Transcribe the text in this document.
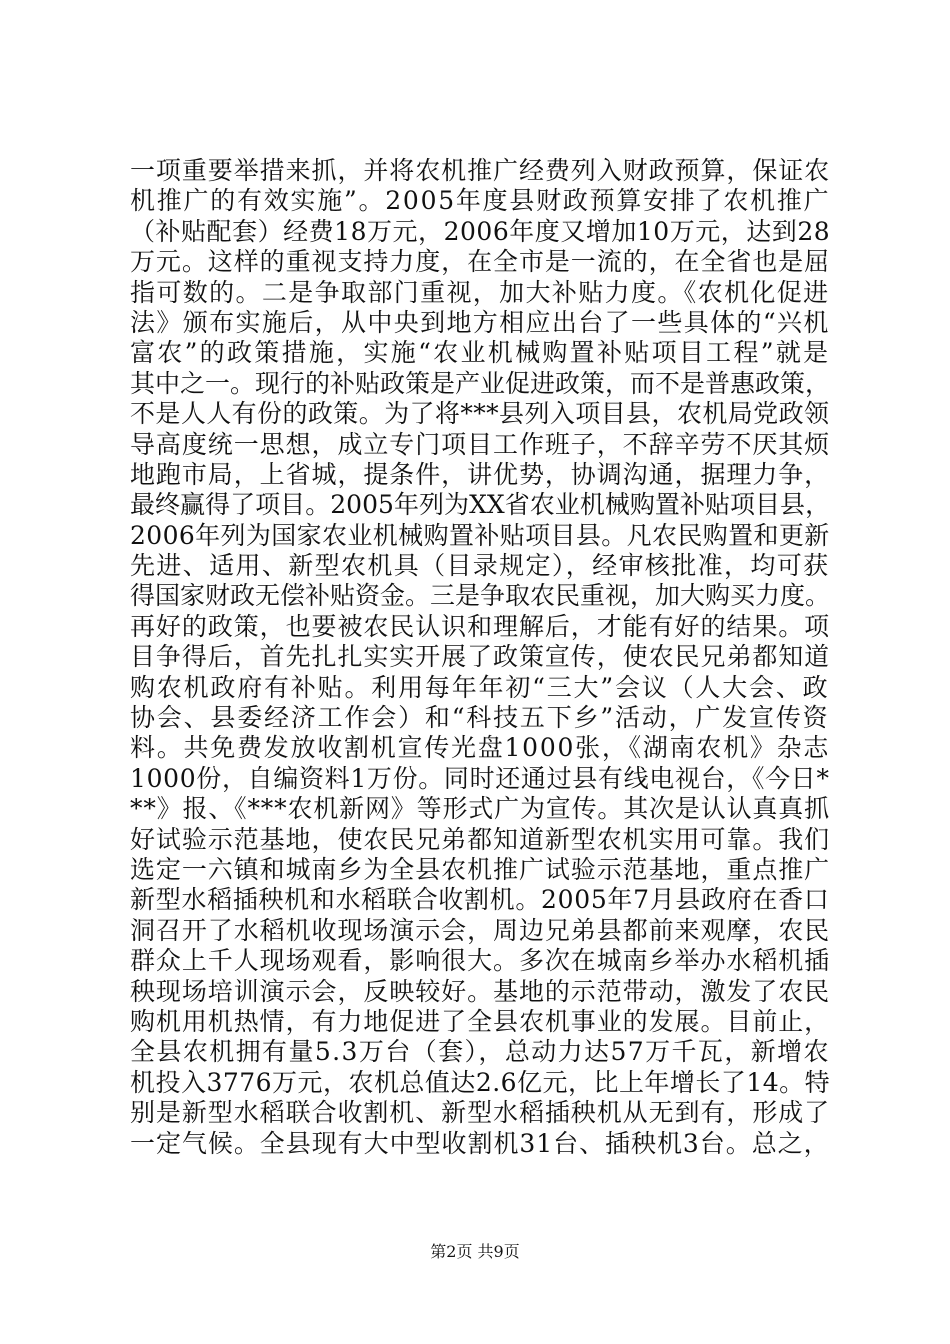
一项重要举措来抓，并将农机推广经费列入财政预算，保证农
机推广的有效实施”。2005年度县财政预算安排了农机推广
（补贴配套）经费18万元，2006年度又增加10万元，达到28
万元。这样的重视支持力度，在全市是一流的，在全省也是屈
指可数的。二是争取部门重视，加大补贴力度。《农机化促进
法》颁布实施后，从中央到地方相应出台了一些具体的“兴机
富农”的政策措施，实施“农业机械购置补贴项目工程”就是
其中之一。现行的补贴政策是产业促进政策，而不是普惠政策，
不是人人有份的政策。为了将***县列入项目县，农机局党政领
导高度统一思想，成立专门项目工作班子，不辞辛劳不厌其烦
地跑市局，上省城，提条件，讲优势，协调沟通，据理力争，
最终赢得了项目。2005年列为XX省农业机械购置补贴项目县，
2006年列为国家农业机械购置补贴项目县。凡农民购置和更新
先进、适用、新型农机具（目录规定），经审核批准，均可获
得国家财政无偿补贴资金。三是争取农民重视，加大购买力度。
再好的政策，也要被农民认识和理解后，才能有好的结果。项
目争得后，首先扎扎实实开展了政策宣传，使农民兄弟都知道
购农机政府有补贴。利用每年年初“三大”会议（人大会、政
协会、县委经济工作会）和“科技五下乡”活动，广发宣传资
料。共免费发放收割机宣传光盘1000张，《湖南农机》杂志
1000份，自编资料1万份。同时还通过县有线电视台，《今日*
**》报、《***农机新网》等形式广为宣传。其次是认认真真抓
好试验示范基地，使农民兄弟都知道新型农机实用可靠。我们
选定一六镇和城南乡为全县农机推广试验示范基地，重点推广
新型水稻插秧机和水稻联合收割机。2005年7月县政府在香口
洞召开了水稻机收现场演示会，周边兄弟县都前来观摩，农民
群众上千人现场观看，影响很大。多次在城南乡举办水稻机插
秧现场培训演示会，反映较好。基地的示范带动，激发了农民
购机用机热情，有力地促进了全县农机事业的发展。目前止，
全县农机拥有量5.3万台（套），总动力达57万千瓦，新增农
机投入3776万元，农机总值达2.6亿元，比上年增长了14。特
别是新型水稻联合收割机、新型水稻插秧机从无到有，形成了
一定气候。全县现有大中型收割机31台、插秧机3台。总之，
第2页 共9页
